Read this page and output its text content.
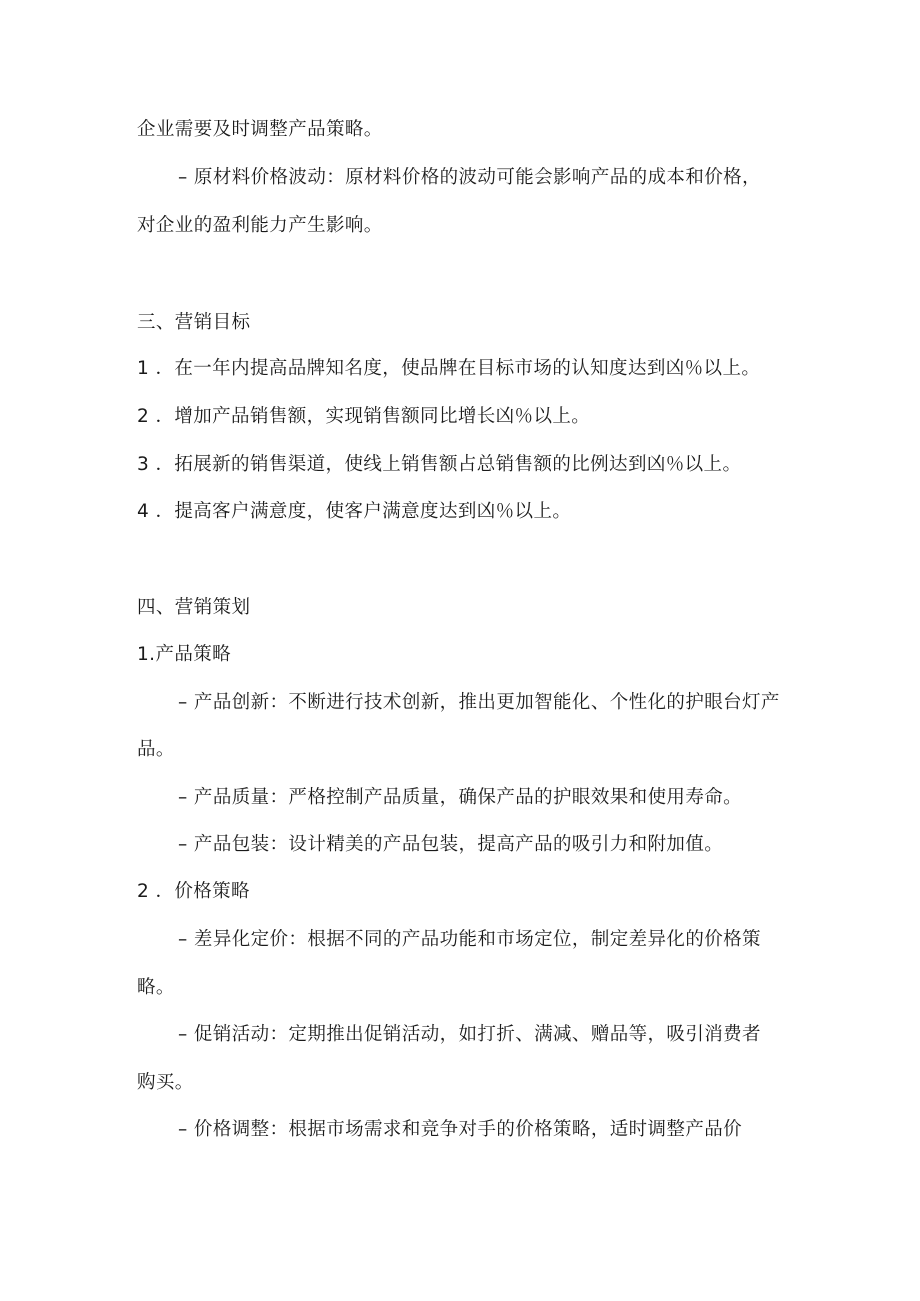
企业需要及时调整产品策略。
– 原材料价格波动：原材料价格的波动可能会影响产品的成本和价格，
对企业的盈利能力产生影响。
三、营销目标
1 ．在一年内提高品牌知名度，使品牌在目标市场的认知度达到凶％以上。
2 ．增加产品销售额，实现销售额同比增长凶％以上。
3 ．拓展新的销售渠道，使线上销售额占总销售额的比例达到凶％以上。
4 ．提高客户满意度，使客户满意度达到凶％以上。
四、营销策划
1.产品策略
– 产品创新：不断进行技术创新，推出更加智能化、个性化的护眼台灯产
品。
– 产品质量：严格控制产品质量，确保产品的护眼效果和使用寿命。
– 产品包装：设计精美的产品包装，提高产品的吸引力和附加值。
2 ．价格策略
– 差异化定价：根据不同的产品功能和市场定位，制定差异化的价格策
略。
– 促销活动：定期推出促销活动，如打折、满减、赠品等，吸引消费者
购买。
– 价格调整：根据市场需求和竞争对手的价格策略，适时调整产品价
